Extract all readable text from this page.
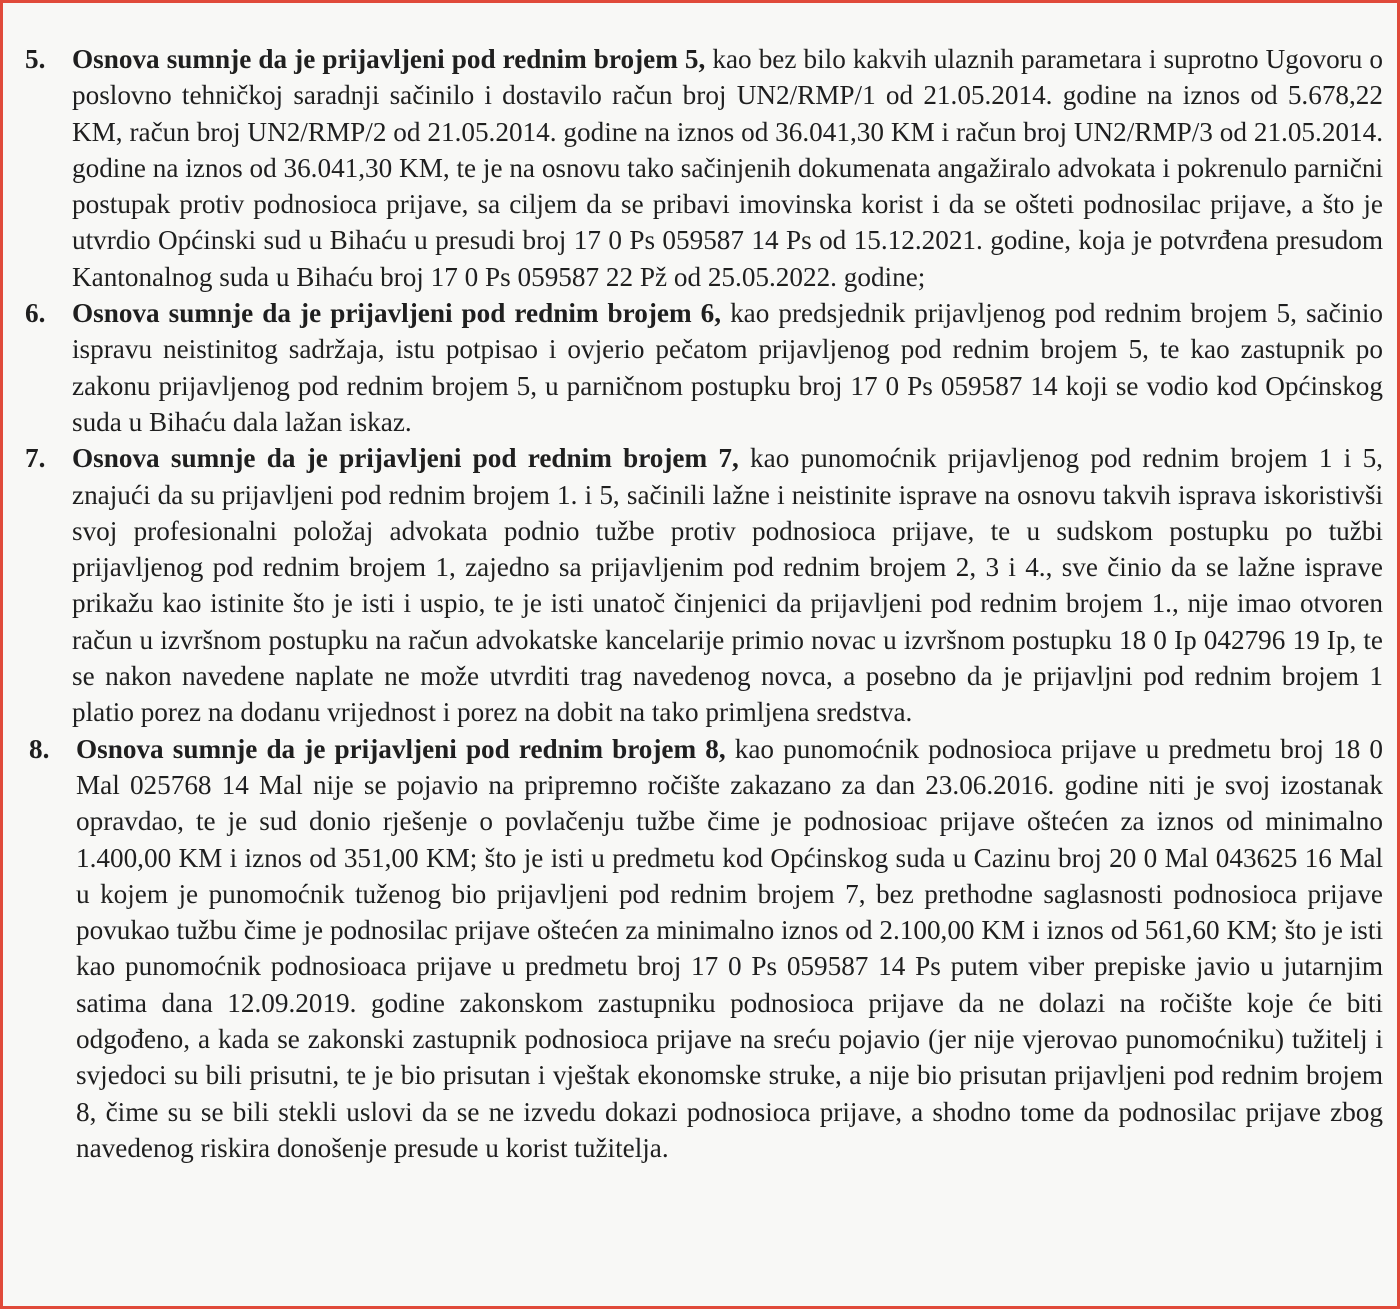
5. Osnova sumnje da je prijavljeni pod rednim brojem 5, kao bez bilo kakvih ulaznih parametara i suprotno Ugovoru o poslovno tehničkoj saradnji sačinilo i dostavilo račun broj UN2/RMP/1 od 21.05.2014. godine na iznos od 5.678,22 KM, račun broj UN2/RMP/2 od 21.05.2014. godine na iznos od 36.041,30 KM i račun broj UN2/RMP/3 od 21.05.2014. godine na iznos od 36.041,30 KM, te je na osnovu tako sačinjenih dokumenata angažiralo advokata i pokrenulo parnični postupak protiv podnosioca prijave, sa ciljem da se pribavi imovinska korist i da se ošteti podnosilac prijave, a što je utvrdio Općinski sud u Bihaću u presudi broj 17 0 Ps 059587 14 Ps od 15.12.2021. godine, koja je potvrđena presudom Kantonalnog suda u Bihaću broj 17 0 Ps 059587 22 Pž od 25.05.2022. godine;
6. Osnova sumnje da je prijavljeni pod rednim brojem 6, kao predsjednik prijavljenog pod rednim brojem 5, sačinio ispravu neistinitog sadržaja, istu potpisao i ovjerio pečatom prijavljenog pod rednim brojem 5, te kao zastupnik po zakonu prijavljenog pod rednim brojem 5, u parničnom postupku broj 17 0 Ps 059587 14 koji se vodio kod Općinskog suda u Bihaću dala lažan iskaz.
7. Osnova sumnje da je prijavljeni pod rednim brojem 7, kao punomoćnik prijavljenog pod rednim brojem 1 i 5, znajući da su prijavljeni pod rednim brojem 1. i 5, sačinili lažne i neistinite isprave na osnovu takvih isprava iskoristivši svoj profesionalni položaj advokata podnio tužbe protiv podnosioca prijave, te u sudskom postupku po tužbi prijavljenog pod rednim brojem 1, zajedno sa prijavljenim pod rednim brojem 2, 3 i 4., sve činio da se lažne isprave prikažu kao istinite što je isti i uspio, te je isti unatoč činjenici da prijavljeni pod rednim brojem 1., nije imao otvoren račun u izvršnom postupku na račun advokatske kancelarije primio novac u izvršnom postupku 18 0 Ip 042796 19 Ip, te se nakon navedene naplate ne može utvrditi trag navedenog novca, a posebno da je prijavljni pod rednim brojem 1 platio porez na dodanu vrijednost i porez na dobit na tako primljena sredstva.
8. Osnova sumnje da je prijavljeni pod rednim brojem 8, kao punomoćnik podnosioca prijave u predmetu broj 18 0 Mal 025768 14 Mal nije se pojavio na pripremno ročište zakazano za dan 23.06.2016. godine niti je svoj izostanak opravdao, te je sud donio rješenje o povlačenju tužbe čime je podnosioac prijave oštećen za iznos od minimalno 1.400,00 KM i iznos od 351,00 KM; što je isti u predmetu kod Općinskog suda u Cazinu broj 20 0 Mal 043625 16 Mal u kojem je punomoćnik tuženog bio prijavljeni pod rednim brojem 7, bez prethodne saglasnosti podnosioca prijave povukao tužbu čime je podnosilac prijave oštećen za minimalno iznos od 2.100,00 KM i iznos od 561,60 KM; što je isti kao punomoćnik podnosioaca prijave u predmetu broj 17 0 Ps 059587 14 Ps putem viber prepiske javio u jutarnjim satima dana 12.09.2019. godine zakonskom zastupniku podnosioca prijave da ne dolazi na ročište koje će biti odgođeno, a kada se zakonski zastupnik podnosioca prijave na sreću pojavio (jer nije vjerovao punomoćniku) tužitelj i svjedoci su bili prisutni, te je bio prisutan i vještak ekonomske struke, a nije bio prisutan prijavljeni pod rednim brojem 8, čime su se bili stekli uslovi da se ne izvedu dokazi podnosioca prijave, a shodno tome da podnosilac prijave zbog navedenog riskira donošenje presude u korist tužitelja.
